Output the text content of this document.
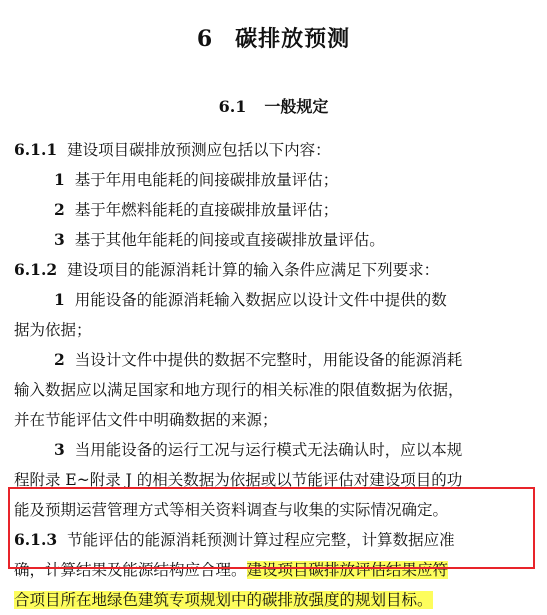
6 碳排放预测
6.1 一般规定
6.1.1 建设项目碳排放预测应包括以下内容：
1 基于年用电能耗的间接碳排放量评估；
2 基于年燃料能耗的直接碳排放量评估；
3 基于其他年能耗的间接或直接碳排放量评估。
6.1.2 建设项目的能源消耗计算的输入条件应满足下列要求：
1 用能设备的能源消耗输入数据应以设计文件中提供的数
据为依据；
2 当设计文件中提供的数据不完整时，用能设备的能源消耗
输入数据应以满足国家和地方现行的相关标准的限值数据为依据，
并在节能评估文件中明确数据的来源；
3 当用能设备的运行工况与运行模式无法确认时，应以本规
程附录 E~附录 J 的相关数据为依据或以节能评估对建设项目的功
能及预期运营管理方式等相关资料调查与收集的实际情况确定。
6.1.3 节能评估的能源消耗预测计算过程应完整，计算数据应准
确，计算结果及能源结构应合理。建设项目碳排放评估结果应符
合项目所在地绿色建筑专项规划中的碳排放强度的规划目标。
